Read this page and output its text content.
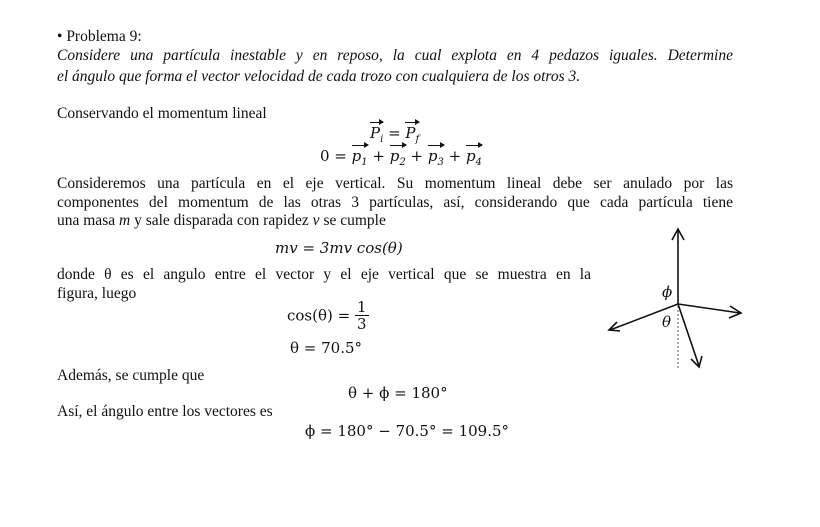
• Problema 9:
Considere una partícula inestable y en reposo, la cual explota en 4 pedazos iguales. Determine
el ángulo que forma el vector velocidad de cada trozo con cualquiera de los otros 3.
Conservando el momentum lineal
$P_i = P_f$
$0 = p_1 + p_2 + p_3 + p_4$
Consideremos una partícula en el eje vertical. Su momentum lineal debe ser anulado por las
componentes del momentum de las otras 3 partículas, así, considerando que cada partícula tiene
una masa m y sale disparada con rapidez v se cumple
mv = 3mv cos(θ)
donde θ es el angulo entre el vector y el eje vertical que se muestra en la
figura, luego
$\cos(\theta) = \frac{1}{3}$
θ = 70.5°
Además, se cumple que
θ + ϕ = 180°
Así, el ángulo entre los vectores es
ϕ = 180° − 70.5° = 109.5°
ϕ
θ
